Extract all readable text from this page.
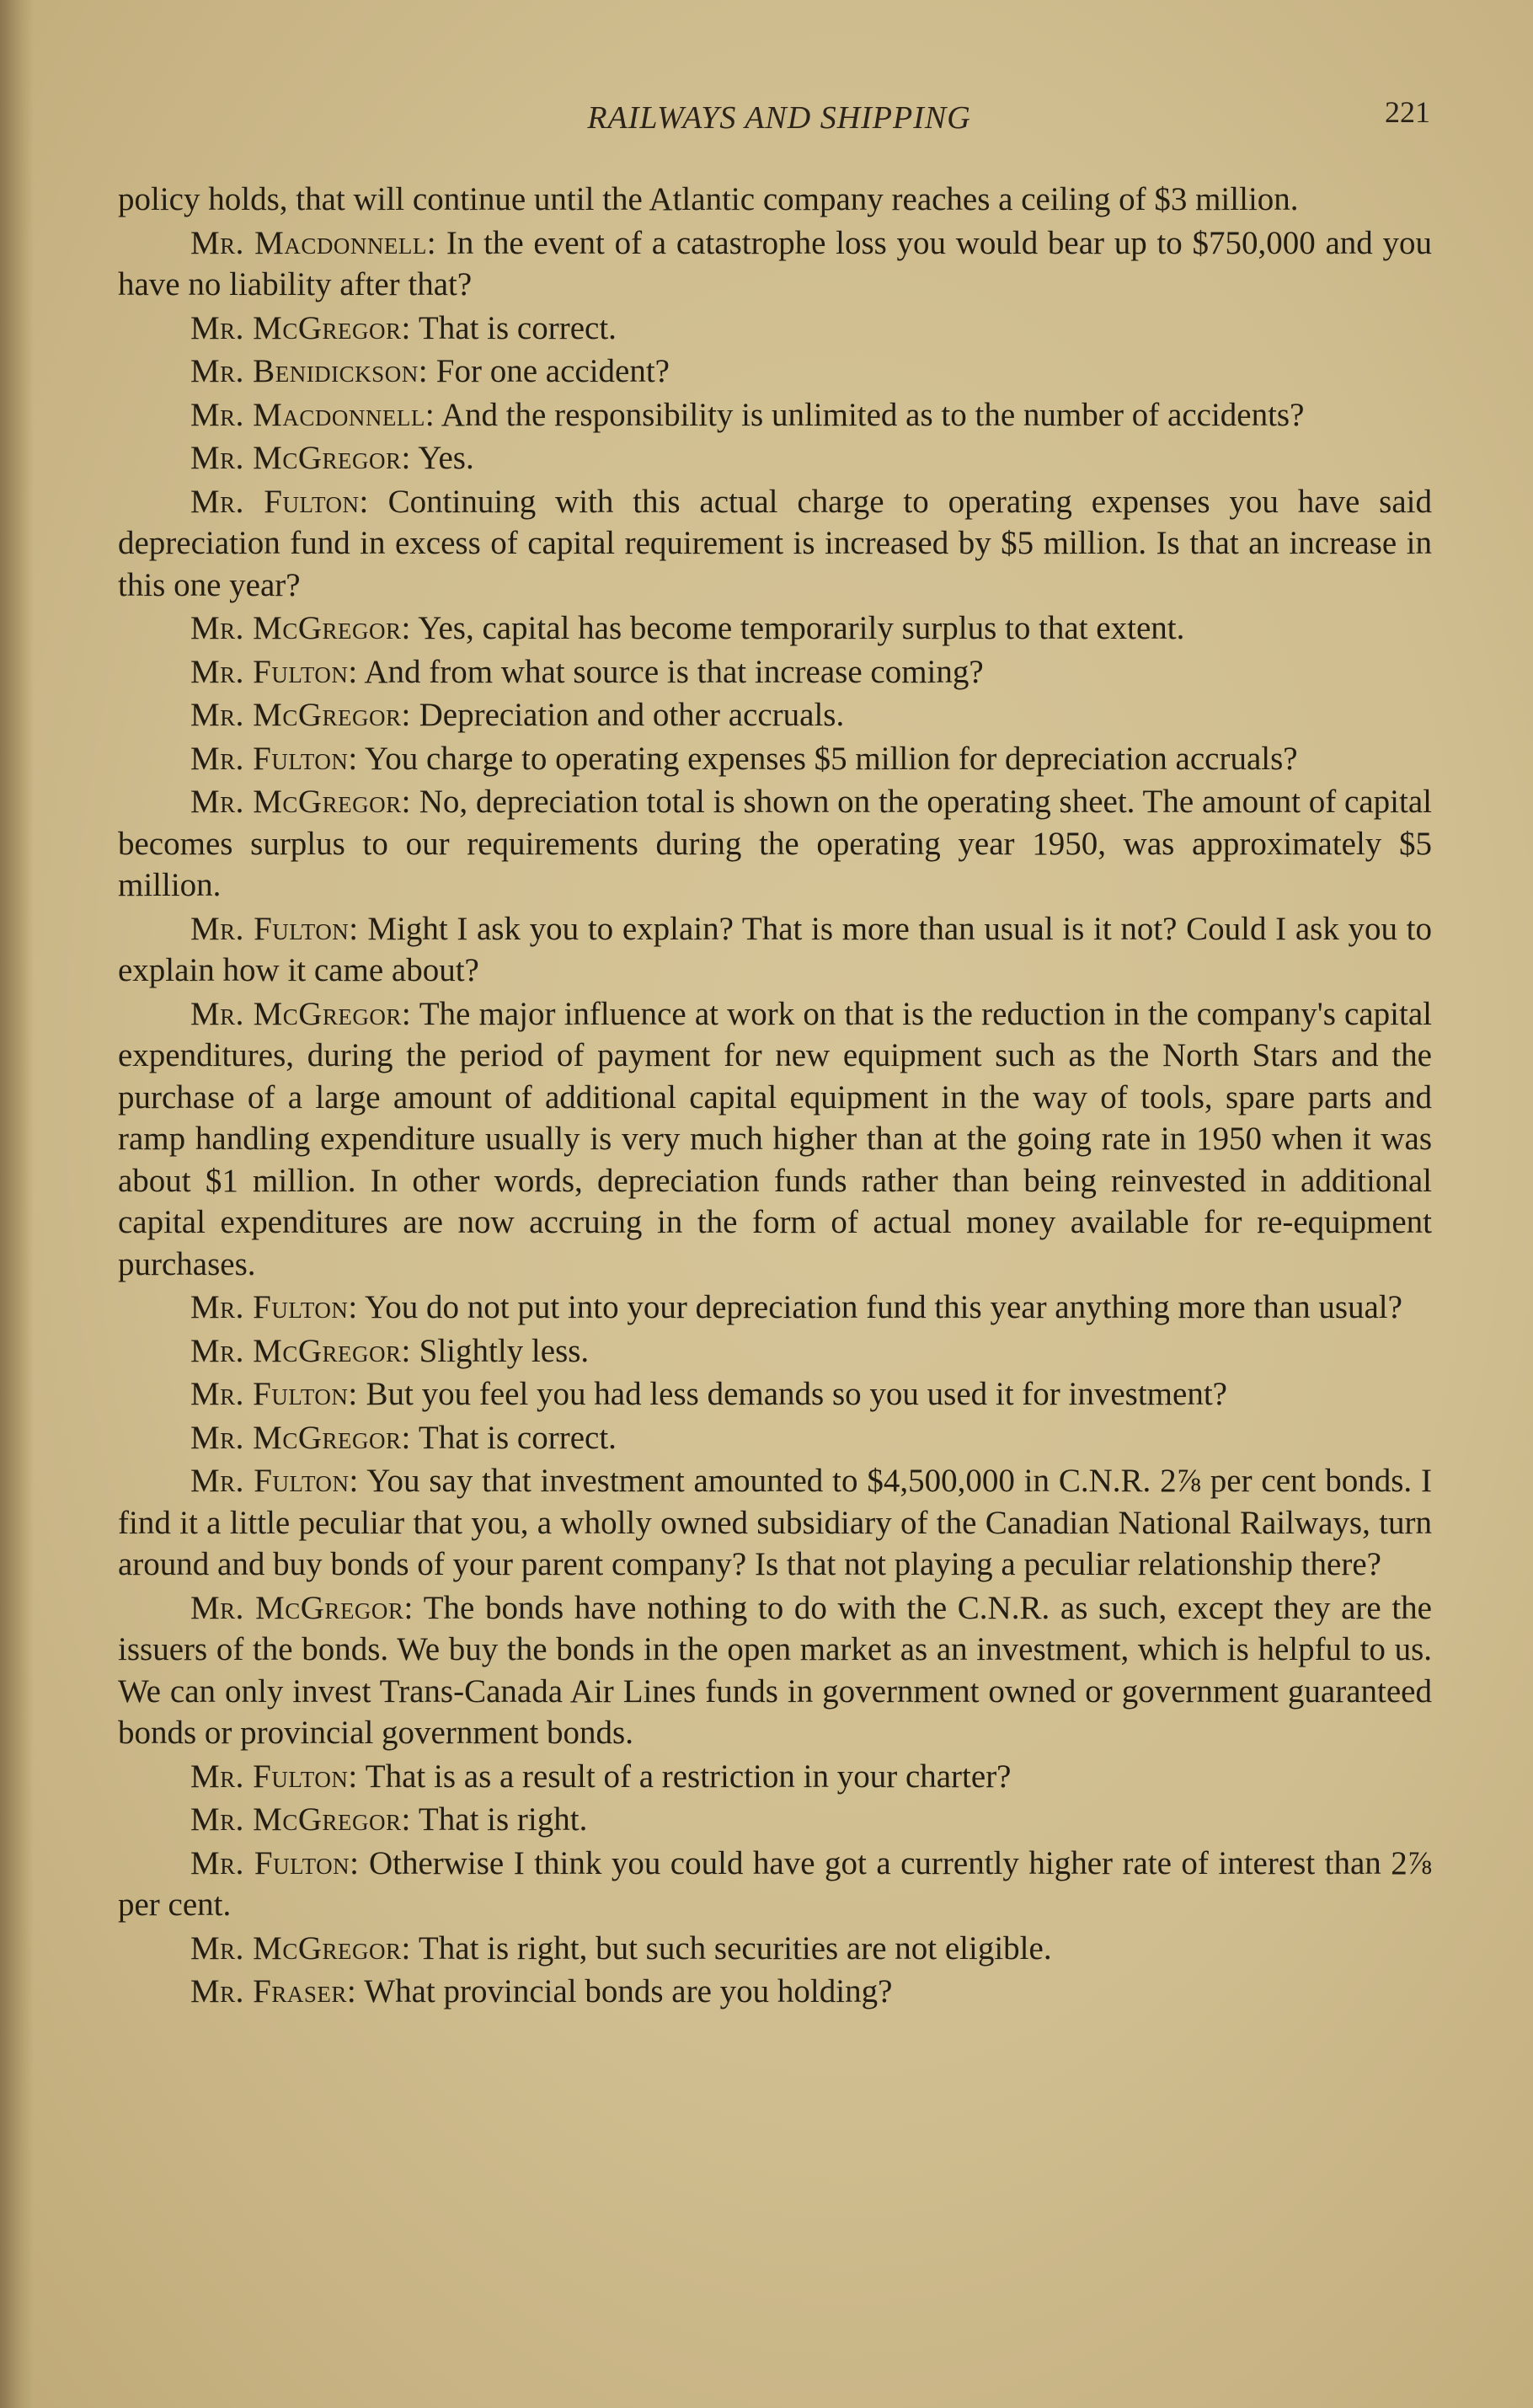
RAILWAYS AND SHIPPING	221

policy holds, that will continue until the Atlantic company reaches a ceiling of $3 million.

Mr. Macdonnell: In the event of a catastrophe loss you would bear up to $750,000 and you have no liability after that?

Mr. McGregor: That is correct.

Mr. Benidickson: For one accident?

Mr. Macdonnell: And the responsibility is unlimited as to the number of accidents?

Mr. McGregor: Yes.

Mr. Fulton: Continuing with this actual charge to operating expenses you have said depreciation fund in excess of capital requirement is increased by $5 million. Is that an increase in this one year?

Mr. McGregor: Yes, capital has become temporarily surplus to that extent.

Mr. Fulton: And from what source is that increase coming?

Mr. McGregor: Depreciation and other accruals.

Mr. Fulton: You charge to operating expenses $5 million for depreciation accruals?

Mr. McGregor: No, depreciation total is shown on the operating sheet. The amount of capital becomes surplus to our requirements during the operating year 1950, was approximately $5 million.

Mr. Fulton: Might I ask you to explain? That is more than usual is it not? Could I ask you to explain how it came about?

Mr. McGregor: The major influence at work on that is the reduction in the company's capital expenditures, during the period of payment for new equipment such as the North Stars and the purchase of a large amount of additional capital equipment in the way of tools, spare parts and ramp handling expenditure usually is very much higher than at the going rate in 1950 when it was about $1 million. In other words, depreciation funds rather than being reinvested in additional capital expenditures are now accruing in the form of actual money available for re-equipment purchases.

Mr. Fulton: You do not put into your depreciation fund this year anything more than usual?

Mr. McGregor: Slightly less.

Mr. Fulton: But you feel you had less demands so you used it for investment?

Mr. McGregor: That is correct.

Mr. Fulton: You say that investment amounted to $4,500,000 in C.N.R. 2⅞ per cent bonds. I find it a little peculiar that you, a wholly owned subsidiary of the Canadian National Railways, turn around and buy bonds of your parent company? Is that not playing a peculiar relationship there?

Mr. McGregor: The bonds have nothing to do with the C.N.R. as such, except they are the issuers of the bonds. We buy the bonds in the open market as an investment, which is helpful to us. We can only invest Trans-Canada Air Lines funds in government owned or government guaranteed bonds or provincial government bonds.

Mr. Fulton: That is as a result of a restriction in your charter?

Mr. McGregor: That is right.

Mr. Fulton: Otherwise I think you could have got a currently higher rate of interest than 2⅞ per cent.

Mr. McGregor: That is right, but such securities are not eligible.

Mr. Fraser: What provincial bonds are you holding?
